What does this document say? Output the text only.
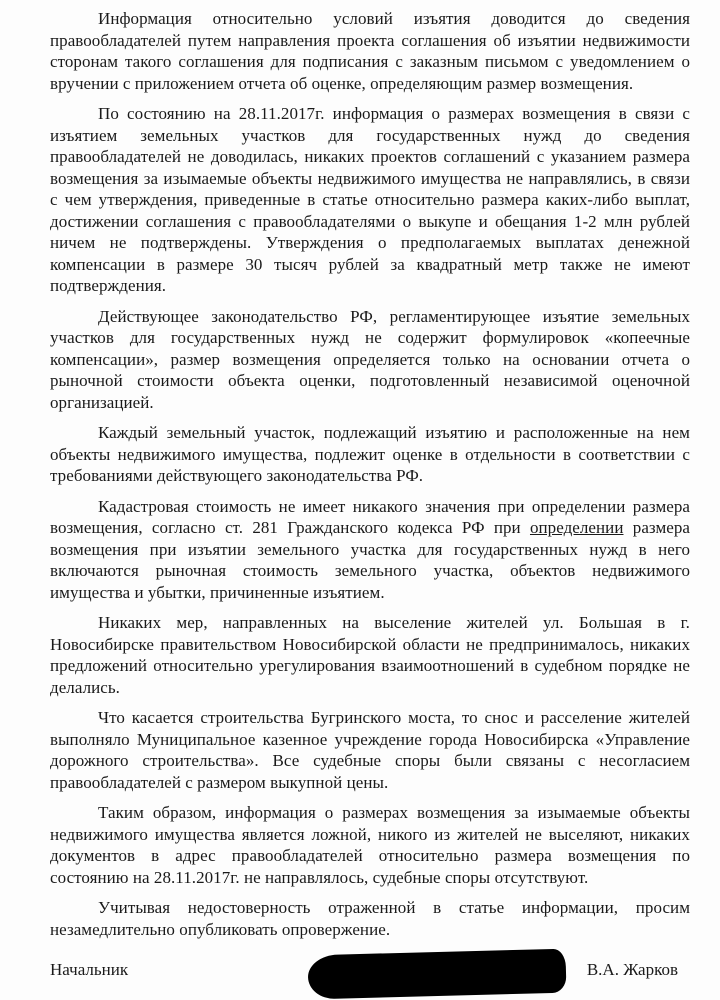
Информация относительно условий изъятия доводится до сведения правообладателей путем направления проекта соглашения об изъятии недвижимости сторонам такого соглашения для подписания с заказным письмом с уведомлением о вручении с приложением отчета об оценке, определяющим размер возмещения.

По состоянию на 28.11.2017г. информация о размерах возмещения в связи с изъятием земельных участков для государственных нужд до сведения правообладателей не доводилась, никаких проектов соглашений с указанием размера возмещения за изымаемые объекты недвижимого имущества не направлялись, в связи с чем утверждения, приведенные в статье относительно размера каких-либо выплат, достижении соглашения с правообладателями о выкупе и обещания 1-2 млн рублей ничем не подтверждены. Утверждения о предполагаемых выплатах денежной компенсации в размере 30 тысяч рублей за квадратный метр также не имеют подтверждения.

Действующее законодательство РФ, регламентирующее изъятие земельных участков для государственных нужд не содержит формулировок «копеечные компенсации», размер возмещения определяется только на основании отчета о рыночной стоимости объекта оценки, подготовленный независимой оценочной организацией.

Каждый земельный участок, подлежащий изъятию и расположенные на нем объекты недвижимого имущества, подлежит оценке в отдельности в соответствии с требованиями действующего законодательства РФ.

Кадастровая стоимость не имеет никакого значения при определении размера возмещения, согласно ст. 281 Гражданского кодекса РФ при определении размера возмещения при изъятии земельного участка для государственных нужд в него включаются рыночная стоимость земельного участка, объектов недвижимого имущества и убытки, причиненные изъятием.

Никаких мер, направленных на выселение жителей ул. Большая в г. Новосибирске правительством Новосибирской области не предпринималось, никаких предложений относительно урегулирования взаимоотношений в судебном порядке не делались.

Что касается строительства Бугринского моста, то снос и расселение жителей выполняло Муниципальное казенное учреждение города Новосибирска «Управление дорожного строительства». Все судебные споры были связаны с несогласием правообладателей с размером выкупной цены.

Таким образом, информация о размерах возмещения за изымаемые объекты недвижимого имущества является ложной, никого из жителей не выселяют, никаких документов в адрес правообладателей относительно размера возмещения по состоянию на 28.11.2017г. не направлялось, судебные споры отсутствуют.

Учитывая недостоверность отраженной в статье информации, просим незамедлительно опубликовать опровержение.

Начальник	В.А. Жарков
